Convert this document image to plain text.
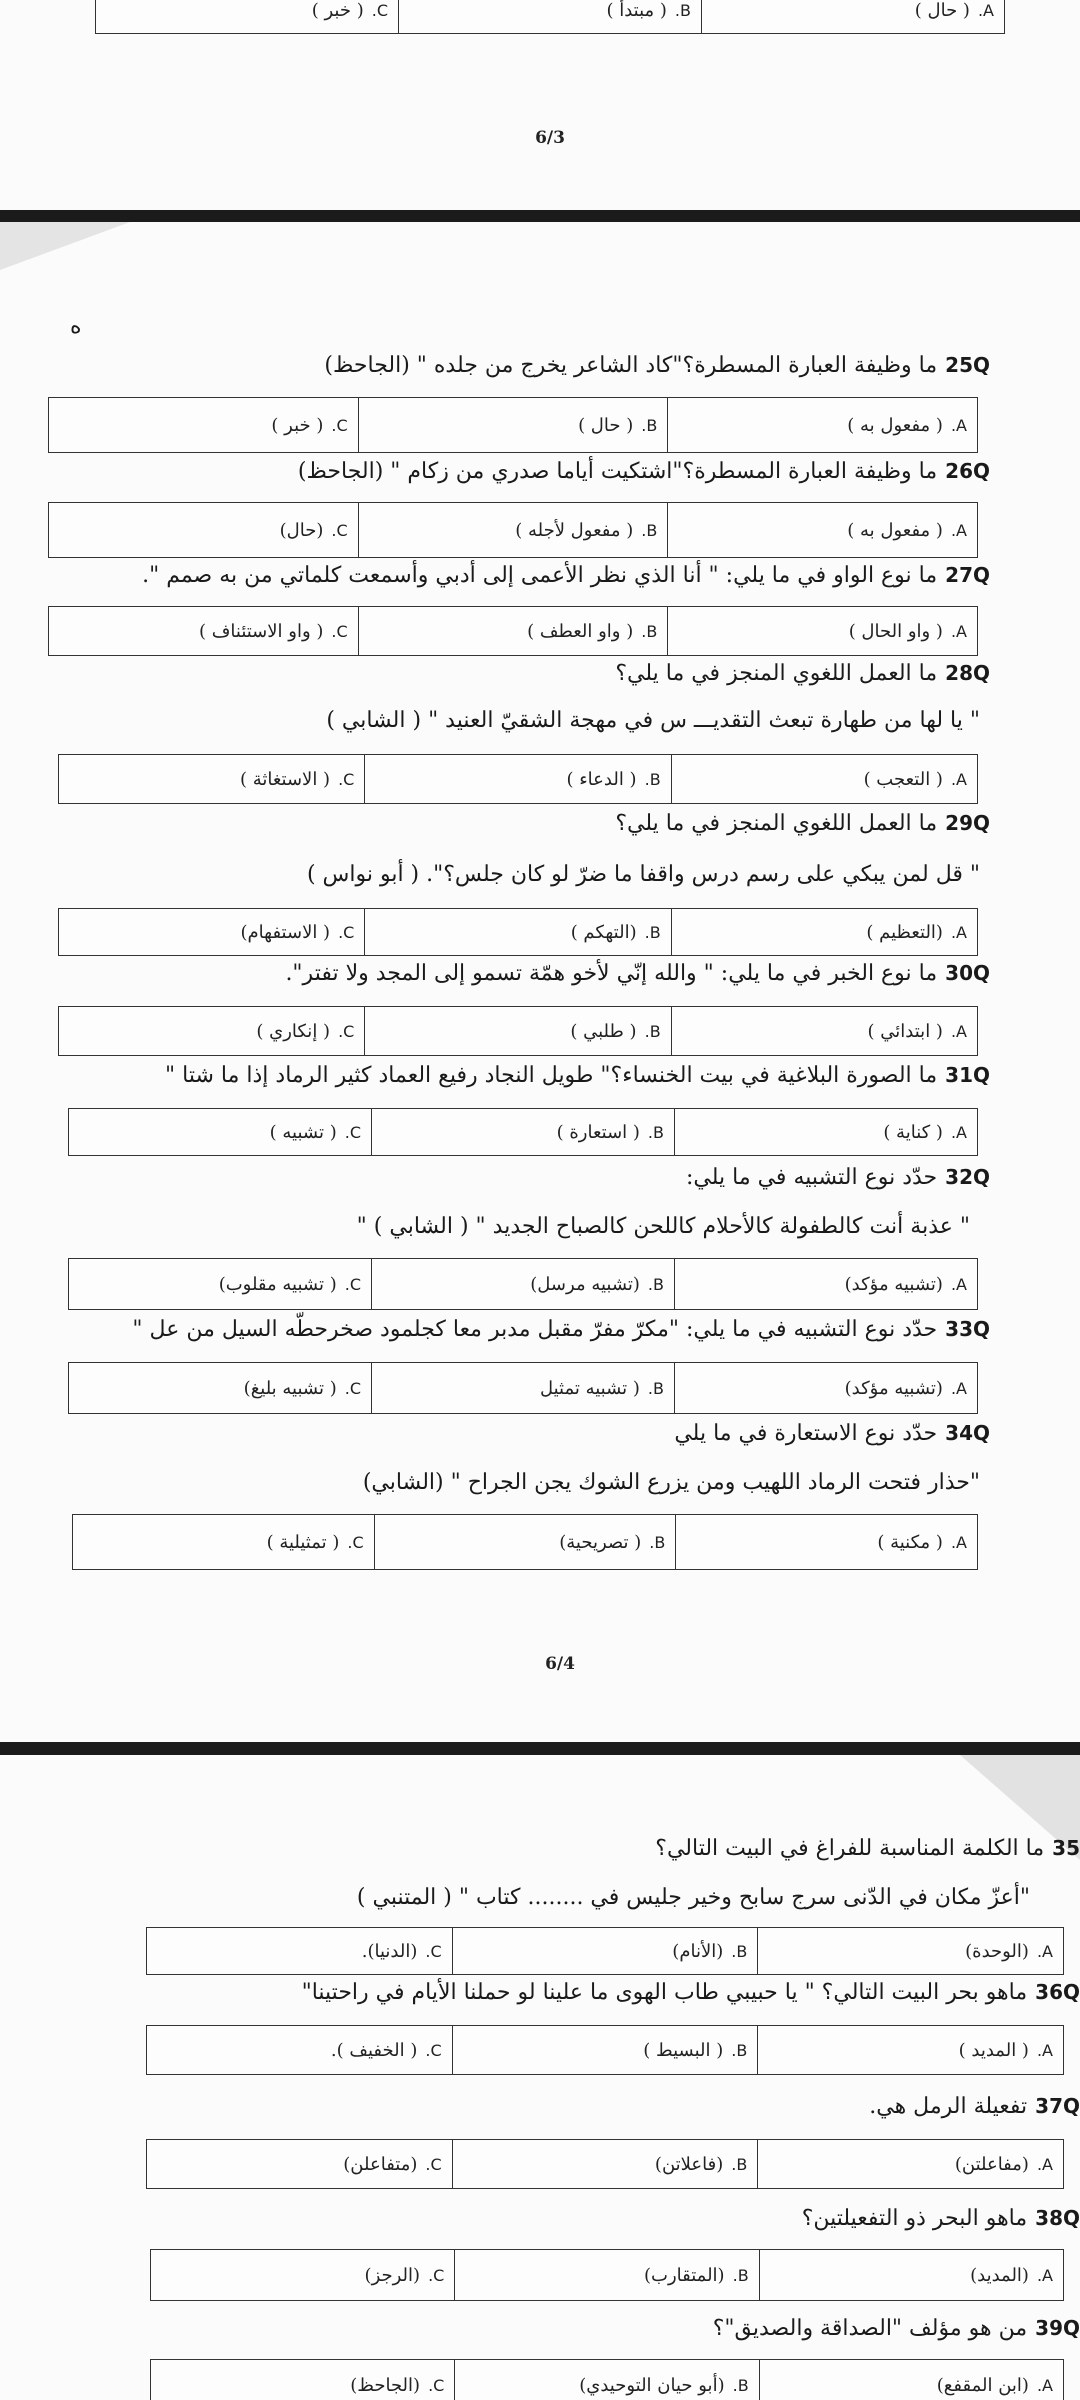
A.
( حال )
B.
( مبتدأ )
C.
( خبر )
6/3
ه
25Qما وظيفة العبارة المسطرة؟"كاد الشاعر يخرج من جلده " (الجاحظ)
A.
( مفعول به )
B.
( حال )
C.
( خبر )
26Qما وظيفة العبارة المسطرة؟"اشتكيت أياما صدري من زكام " (الجاحظ)
A.
( مفعول به )
B.
( مفعول لأجله )
C.
(حال)
27Qما نوع الواو في ما يلي: " أنا الذي نظر الأعمى إلى أدبي وأسمعت كلماتي من به صمم ".
A.
( واو الحال )
B.
( واو العطف )
C.
( واو الاستئناف )
28Qما العمل اللغوي المنجز في ما يلي؟
" يا لها من طهارة تبعث التقديـــ س في مهجة الشقيّ العنيد " ( الشابي )
A.
( التعجب )
B.
( الدعاء )
C.
( الاستغاثة )
29Qما العمل اللغوي المنجز في ما يلي؟
" قل لمن يبكي على رسم درس واقفا ما ضرّ لو كان جلس؟". ( أبو نواس )
A.
(التعظيم )
B.
(التهكم )
C.
( الاستفهام)
30Qما نوع الخبر في ما يلي: " والله إنّي لأخو همّة تسمو إلى المجد ولا تفتر".
A.
( ابتدائي )
B.
( طلبي )
C.
( إنكاري )
31Qما الصورة البلاغية في بيت الخنساء؟" طويل النجاد رفيع العماد كثير الرماد إذا ما شتا "
A.
( كناية )
B.
( استعارة )
C.
( تشبيه )
32Qحدّد نوع التشبيه في ما يلي:
" عذبة أنت كالطفولة كالأحلام كاللحن كالصباح الجديد " ( الشابي ) "
A.
(تشبيه مؤكد)
B.
(تشبيه مرسل)
C.
( تشبيه مقلوب)
33Qحدّد نوع التشبيه في ما يلي: "مكرّ مفرّ مقبل مدبر معا كجلمود صخرحطّه السيل من عل "
A.
(تشبيه مؤكد)
B.
( تشبيه تمثيل
C.
( تشبيه بليغ)
34Qحدّد نوع الاستعارة في ما يلي
"حذار فتحت الرماد اللهيب ومن يزرع الشوك يجن الجراح " (الشابي)
A.
( مكنية )
B.
( تصريحية)
C.
( تمثيلية )
6/4
35ما الكلمة المناسبة للفراغ في البيت التالي؟
"أعزّ مكان في الدّنى سرج سابح وخير جليس في ........ كتاب " ( المتنبي )
A.
(الوحدة)
B.
(الأنام)
C.
(الدنيا).
36Qماهو بحر البيت التالي؟ " يا حبيبي طاب الهوى ما علينا لو حملنا الأيام في راحتينا"
A.
( المديد )
B.
( البسيط )
C.
( الخفيف ).
37Qتفعيلة الرمل هي.
A.
(مفاعلتن)
B.
(فاعلاتن)
C.
(متفاعلن)
38Qماهو البحر ذو التفعيلتين؟
A.
(المديد)
B.
(المتقارب)
C.
(الرجز)
39Qمن هو مؤلف "الصداقة والصديق"؟
A.
(ابن المقفع)
B.
(أبو حيان التوحيدي)
C.
(الجاحظ)
